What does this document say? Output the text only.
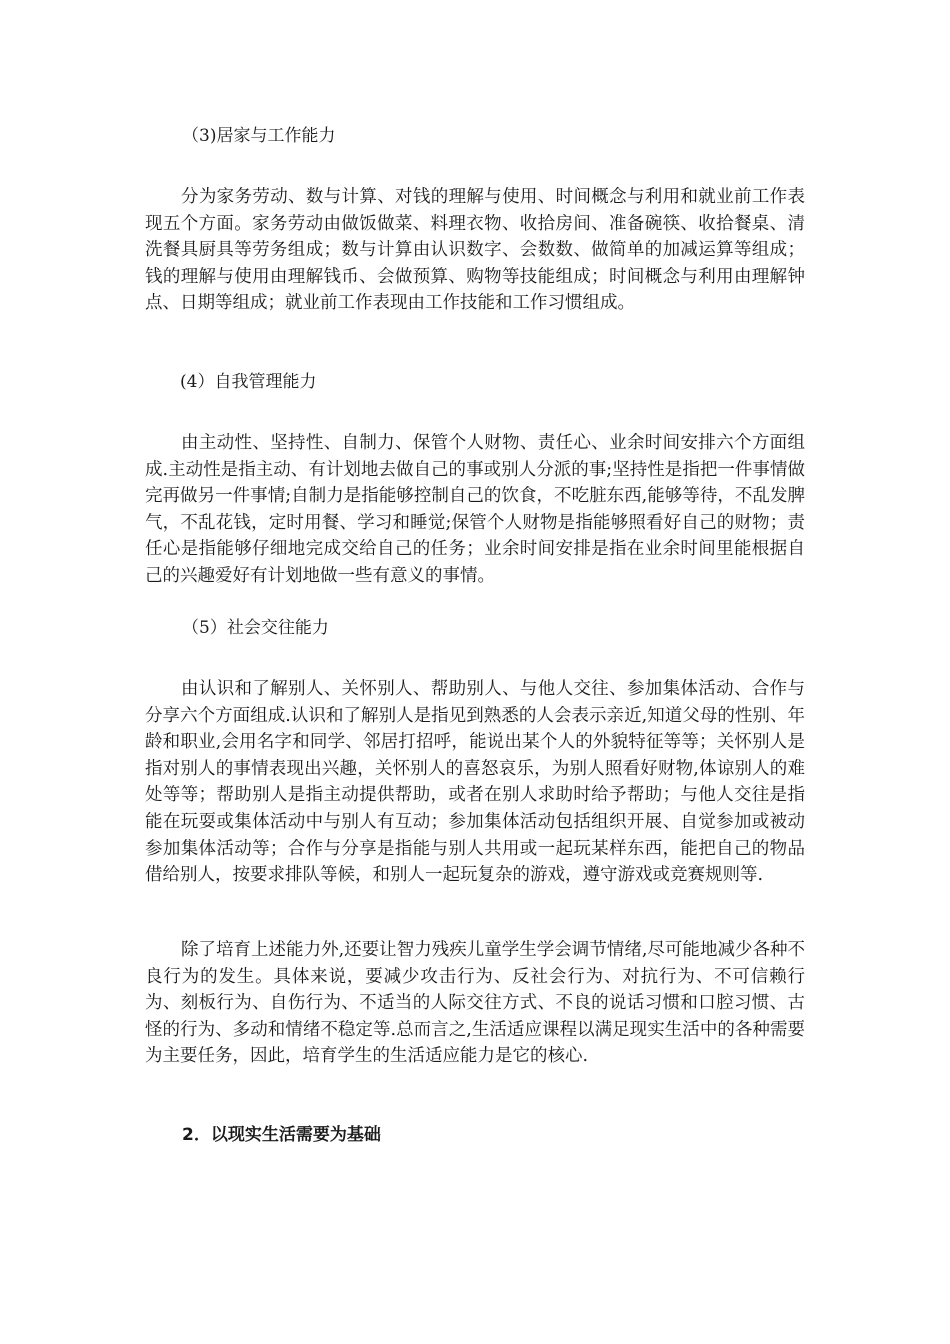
（3)居家与工作能力
分为家务劳动、数与计算、对钱的理解与使用、时间概念与利用和就业前工作表现五个方面。家务劳动由做饭做菜、料理衣物、收拾房间、准备碗筷、收拾餐桌、清洗餐具厨具等劳务组成；数与计算由认识数字、会数数、做简单的加减运算等组成；钱的理解与使用由理解钱币、会做预算、购物等技能组成；时间概念与利用由理解钟点、日期等组成；就业前工作表现由工作技能和工作习惯组成。
(4）自我管理能力
由主动性、坚持性、自制力、保管个人财物、责任心、业余时间安排六个方面组成.主动性是指主动、有计划地去做自己的事或别人分派的事;坚持性是指把一件事情做完再做另一件事情;自制力是指能够控制自己的饮食，不吃脏东西,能够等待，不乱发脾气，不乱花钱，定时用餐、学习和睡觉;保管个人财物是指能够照看好自己的财物；责任心是指能够仔细地完成交给自己的任务；业余时间安排是指在业余时间里能根据自己的兴趣爱好有计划地做一些有意义的事情。
（5）社会交往能力
由认识和了解别人、关怀别人、帮助别人、与他人交往、参加集体活动、合作与分享六个方面组成.认识和了解别人是指见到熟悉的人会表示亲近,知道父母的性别、年龄和职业,会用名字和同学、邻居打招呼，能说出某个人的外貌特征等等；关怀别人是指对别人的事情表现出兴趣，关怀别人的喜怒哀乐，为别人照看好财物,体谅别人的难处等等；帮助别人是指主动提供帮助，或者在别人求助时给予帮助；与他人交往是指能在玩耍或集体活动中与别人有互动；参加集体活动包括组织开展、自觉参加或被动参加集体活动等；合作与分享是指能与别人共用或一起玩某样东西，能把自己的物品借给别人，按要求排队等候，和别人一起玩复杂的游戏，遵守游戏或竞赛规则等.
除了培育上述能力外,还要让智力残疾儿童学生学会调节情绪,尽可能地减少各种不良行为的发生。具体来说，要减少攻击行为、反社会行为、对抗行为、不可信赖行为、刻板行为、自伤行为、不适当的人际交往方式、不良的说话习惯和口腔习惯、古怪的行为、多动和情绪不稳定等.总而言之,生活适应课程以满足现实生活中的各种需要为主要任务，因此，培育学生的生活适应能力是它的核心.
2．以现实生活需要为基础
